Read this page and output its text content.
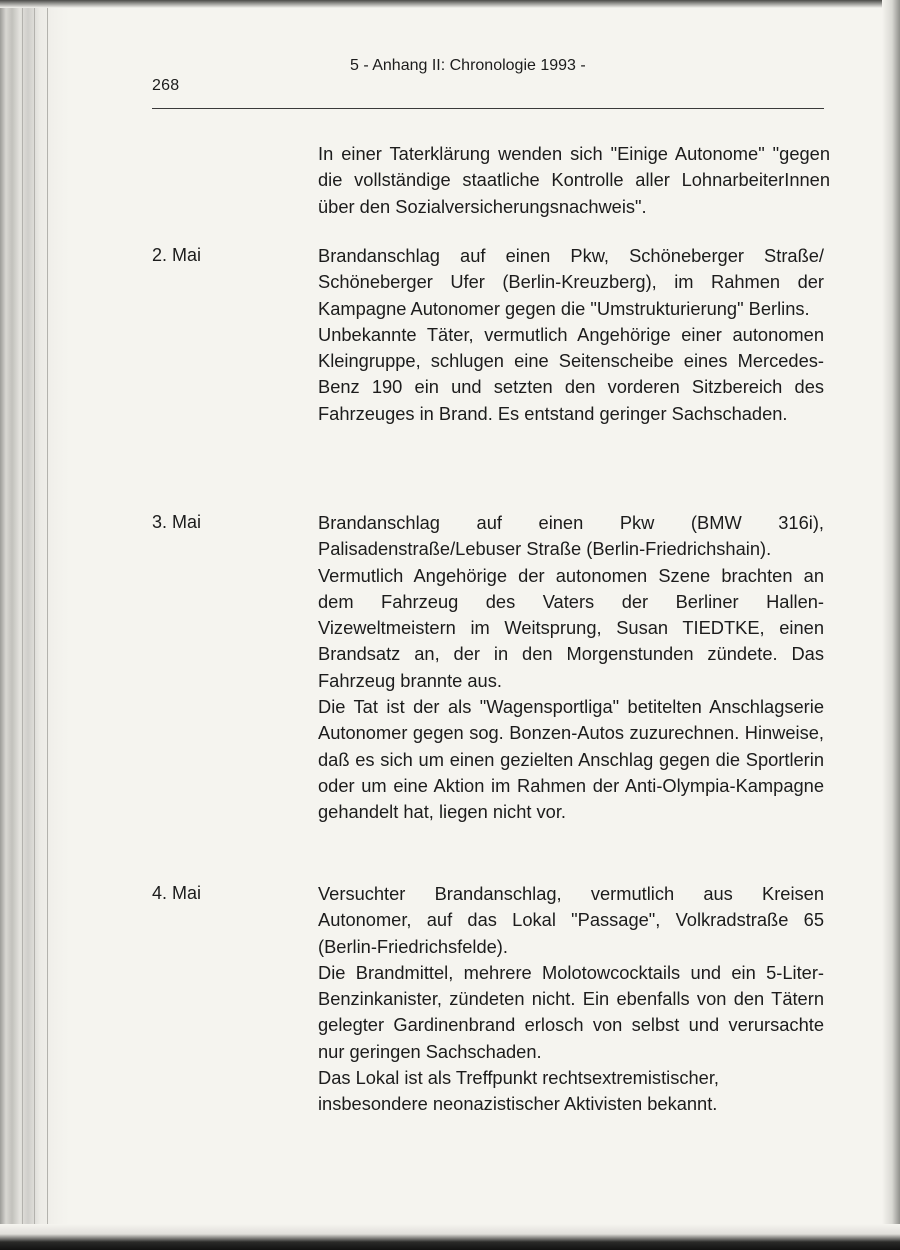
268
5 - Anhang II: Chronologie 1993 -

In einer Taterklärung wenden sich "Einige Autonome" "gegen die vollständige staatliche Kontrolle aller LohnarbeiterInnen über den Sozialversicherungsnachweis".

2. Mai	Brandanschlag auf einen Pkw, Schöneberger Straße/ Schöneberger Ufer (Berlin-Kreuzberg), im Rahmen der Kampagne Autonomer gegen die "Umstrukturierung" Berlins.

Unbekannte Täter, vermutlich Angehörige einer autonomen Kleingruppe, schlugen eine Seitenscheibe eines Mercedes-Benz 190 ein und setzten den vorderen Sitzbereich des Fahrzeuges in Brand. Es entstand geringer Sachschaden.

3. Mai	Brandanschlag auf einen Pkw (BMW 316i), Palisadenstraße/Lebuser Straße (Berlin-Friedrichshain).

Vermutlich Angehörige der autonomen Szene brachten an dem Fahrzeug des Vaters der Berliner Hallen-Vizeweltmeistern im Weitsprung, Susan TIEDTKE, einen Brandsatz an, der in den Morgenstunden zündete. Das Fahrzeug brannte aus.

Die Tat ist der als "Wagensportliga" betitelten Anschlagserie Autonomer gegen sog. Bonzen-Autos zuzurechnen. Hinweise, daß es sich um einen gezielten Anschlag gegen die Sportlerin oder um eine Aktion im Rahmen der Anti-Olympia-Kampagne gehandelt hat, liegen nicht vor.

4. Mai	Versuchter Brandanschlag, vermutlich aus Kreisen Autonomer, auf das Lokal "Passage", Volkradstraße 65 (Berlin-Friedrichsfelde).

Die Brandmittel, mehrere Molotowcocktails und ein 5-Liter-Benzinkanister, zündeten nicht. Ein ebenfalls von den Tätern gelegter Gardinenbrand erlosch von selbst und verursachte nur geringen Sachschaden.

Das Lokal ist als Treffpunkt rechtsextremistischer, insbesondere neonazistischer Aktivisten bekannt.
